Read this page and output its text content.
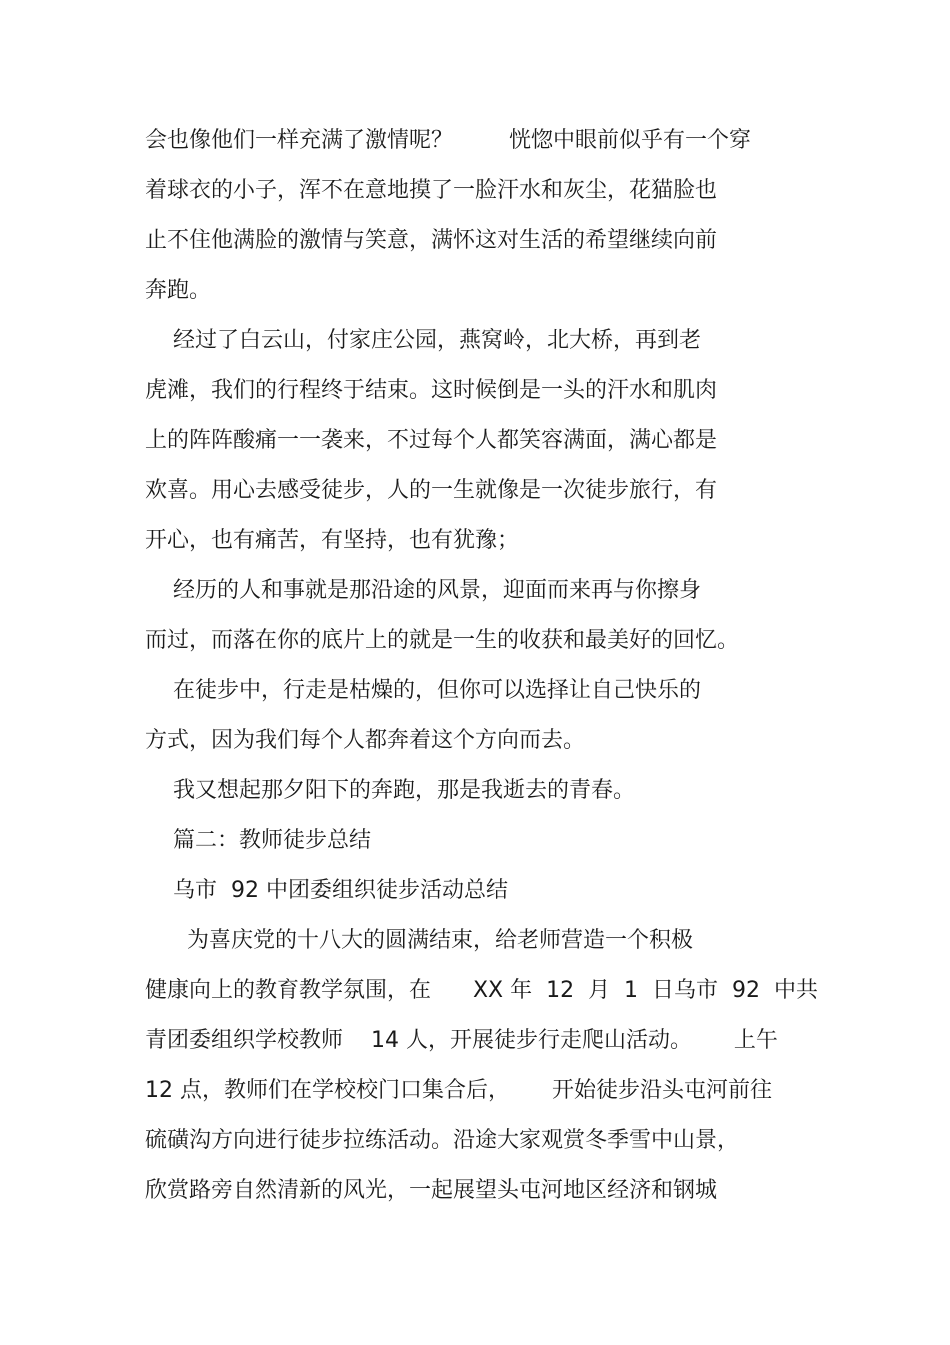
会也像他们一样充满了激情呢？        恍惚中眼前似乎有一个穿
着球衣的小子，浑不在意地摸了一脸汗水和灰尘，花猫脸也
止不住他满脸的激情与笑意，满怀这对生活的希望继续向前
奔跑。
经过了白云山，付家庄公园，燕窝岭，北大桥，再到老
虎滩，我们的行程终于结束。这时候倒是一头的汗水和肌肉
上的阵阵酸痛一一袭来，不过每个人都笑容满面，满心都是
欢喜。用心去感受徒步，人的一生就像是一次徒步旅行，有
开心，也有痛苦，有坚持，也有犹豫；
经历的人和事就是那沿途的风景，迎面而来再与你擦身
而过，而落在你的底片上的就是一生的收获和最美好的回忆。
在徒步中，行走是枯燥的，但你可以选择让自己快乐的
方式，因为我们每个人都奔着这个方向而去。
我又想起那夕阳下的奔跑，那是我逝去的青春。
篇二：教师徒步总结
乌市  92 中团委组织徒步活动总结
为喜庆党的十八大的圆满结束，给老师营造一个积极
健康向上的教育教学氛围，在      XX 年  12  月  1  日乌市  92  中共
青团委组织学校教师    14 人，开展徒步行走爬山活动。      上午
12 点，教师们在学校校门口集合后，      开始徒步沿头屯河前往
硫磺沟方向进行徒步拉练活动。沿途大家观赏冬季雪中山景，
欣赏路旁自然清新的风光，一起展望头屯河地区经济和钢城
